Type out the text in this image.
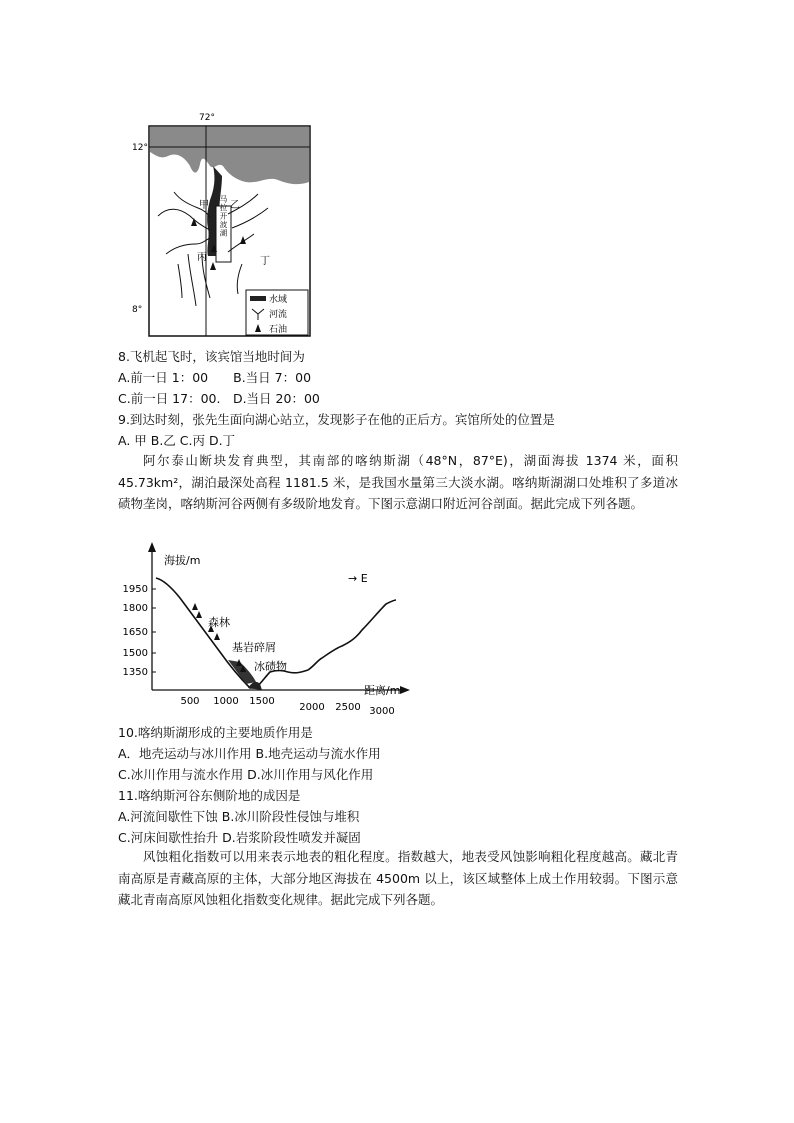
72°
12°
8°
甲 乙
丙	丁
马拉开波湖
水域
河流
石油
8.飞机起飞时，该宾馆当地时间为
A.前一日 1：00　　B.当日 7：00
C.前一日 17：00.　D.当日 20：00
9.到达时刻，张先生面向湖心站立，发现影子在他的正后方。宾馆所处的位置是
A. 甲 B.乙 C.丙 D.丁
阿尔泰山断块发育典型，其南部的喀纳斯湖（48°N，87°E)，湖面海拔 1374 米，面积 45.73km²，湖泊最深处高程 1181.5 米，是我国水量第三大淡水湖。喀纳斯湖湖口处堆积了多道冰碛物垄岗，喀纳斯河谷两侧有多级阶地发育。下图示意湖口附近河谷剖面。据此完成下列各题。
1950
1800
1650
1500
1350
500 1000 1500
2000 2500 3000
海拔/m
→ E
森林
基岩碎屑
冰碛物
距离/m
10.喀纳斯湖形成的主要地质作用是
A．地壳运动与冰川作用 B.地壳运动与流水作用
C.冰川作用与流水作用 D.冰川作用与风化作用
11.喀纳斯河谷东侧阶地的成因是
A.河流间歇性下蚀 B.冰川阶段性侵蚀与堆积
C.河床间歇性抬升 D.岩浆阶段性喷发并凝固
风蚀粗化指数可以用来表示地表的粗化程度。指数越大，地表受风蚀影响粗化程度越高。藏北青南高原是青藏高原的主体，大部分地区海拔在 4500m 以上，该区域整体上成土作用较弱。下图示意藏北青南高原风蚀粗化指数变化规律。据此完成下列各题。
